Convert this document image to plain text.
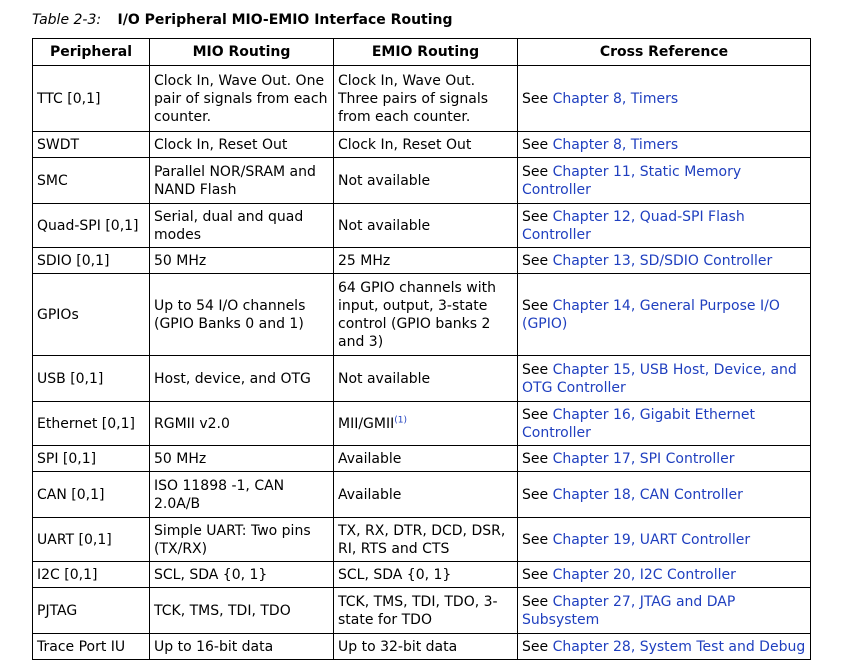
Table 2-3: I/O Peripheral MIO-EMIO Interface Routing
Peripheral	MIO Routing	EMIO Routing	Cross Reference
TTC [0,1]	Clock In, Wave Out. One pair of signals from each counter.	Clock In, Wave Out. Three pairs of signals from each counter.	See Chapter 8, Timers
SWDT	Clock In, Reset Out	Clock In, Reset Out	See Chapter 8, Timers
SMC	Parallel NOR/SRAM and NAND Flash	Not available	See Chapter 11, Static Memory Controller
Quad-SPI [0,1]	Serial, dual and quad modes	Not available	See Chapter 12, Quad-SPI Flash Controller
SDIO [0,1]	50 MHz	25 MHz	See Chapter 13, SD/SDIO Controller
GPIOs	Up to 54 I/O channels (GPIO Banks 0 and 1)	64 GPIO channels with input, output, 3-state control (GPIO banks 2 and 3)	See Chapter 14, General Purpose I/O (GPIO)
USB [0,1]	Host, device, and OTG	Not available	See Chapter 15, USB Host, Device, and OTG Controller
Ethernet [0,1]	RGMII v2.0	MII/GMII$^{(1)}$	See Chapter 16, Gigabit Ethernet Controller
SPI [0,1]	50 MHz	Available	See Chapter 17, SPI Controller
CAN [0,1]	ISO 11898 -1, CAN 2.0A/B	Available	See Chapter 18, CAN Controller
UART [0,1]	Simple UART: Two pins (TX/RX)	TX, RX, DTR, DCD, DSR, RI, RTS and CTS	See Chapter 19, UART Controller
I2C [0,1]	SCL, SDA {0, 1}	SCL, SDA {0, 1}	See Chapter 20, I2C Controller
PJTAG	TCK, TMS, TDI, TDO	TCK, TMS, TDI, TDO, 3-state for TDO	See Chapter 27, JTAG and DAP Subsystem
Trace Port IU	Up to 16-bit data	Up to 32-bit data	See Chapter 28, System Test and Debug
